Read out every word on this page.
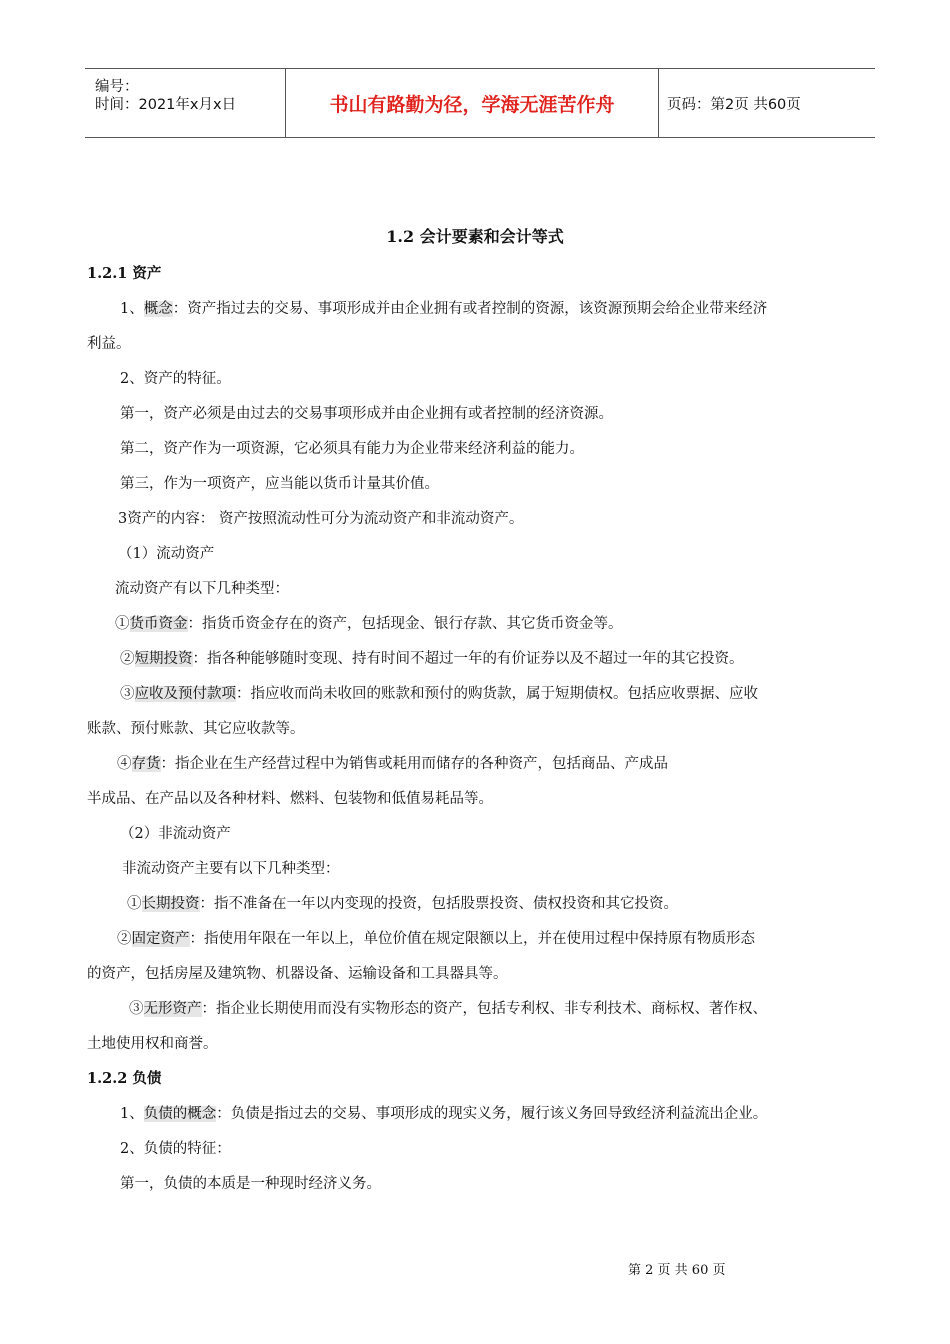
编号：
时间：2021年x月x日	书山有路勤为径，学海无涯苦作舟	页码：第2页 共60页
1.2 会计要素和会计等式
1.2.1 资产
1、概念：资产指过去的交易、事项形成并由企业拥有或者控制的资源，该资源预期会给企业带来经济
利益。
2、资产的特征。
第一，资产必须是由过去的交易事项形成并由企业拥有或者控制的经济资源。
第二，资产作为一项资源，它必须具有能力为企业带来经济利益的能力。
第三，作为一项资产，应当能以货币计量其价值。
3资产的内容： 资产按照流动性可分为流动资产和非流动资产。
（1）流动资产
流动资产有以下几种类型：
①货币资金：指货币资金存在的资产，包括现金、银行存款、其它货币资金等。
②短期投资：指各种能够随时变现、持有时间不超过一年的有价证券以及不超过一年的其它投资。
③应收及预付款项：指应收而尚未收回的账款和预付的购货款，属于短期债权。包括应收票据、应收
账款、预付账款、其它应收款等。
④存货：指企业在生产经营过程中为销售或耗用而储存的各种资产，包括商品、产成品
半成品、在产品以及各种材料、燃料、包装物和低值易耗品等。
（2）非流动资产
非流动资产主要有以下几种类型：
①长期投资：指不准备在一年以内变现的投资，包括股票投资、债权投资和其它投资。
②固定资产：指使用年限在一年以上，单位价值在规定限额以上，并在使用过程中保持原有物质形态
的资产，包括房屋及建筑物、机器设备、运输设备和工具器具等。
③无形资产：指企业长期使用而没有实物形态的资产，包括专利权、非专利技术、商标权、著作权、
土地使用权和商誉。
1.2.2 负债
1、负债的概念：负债是指过去的交易、事项形成的现实义务，履行该义务回导致经济利益流出企业。
2、负债的特征：
第一，负债的本质是一种现时经济义务。
第 2 页 共 60 页
